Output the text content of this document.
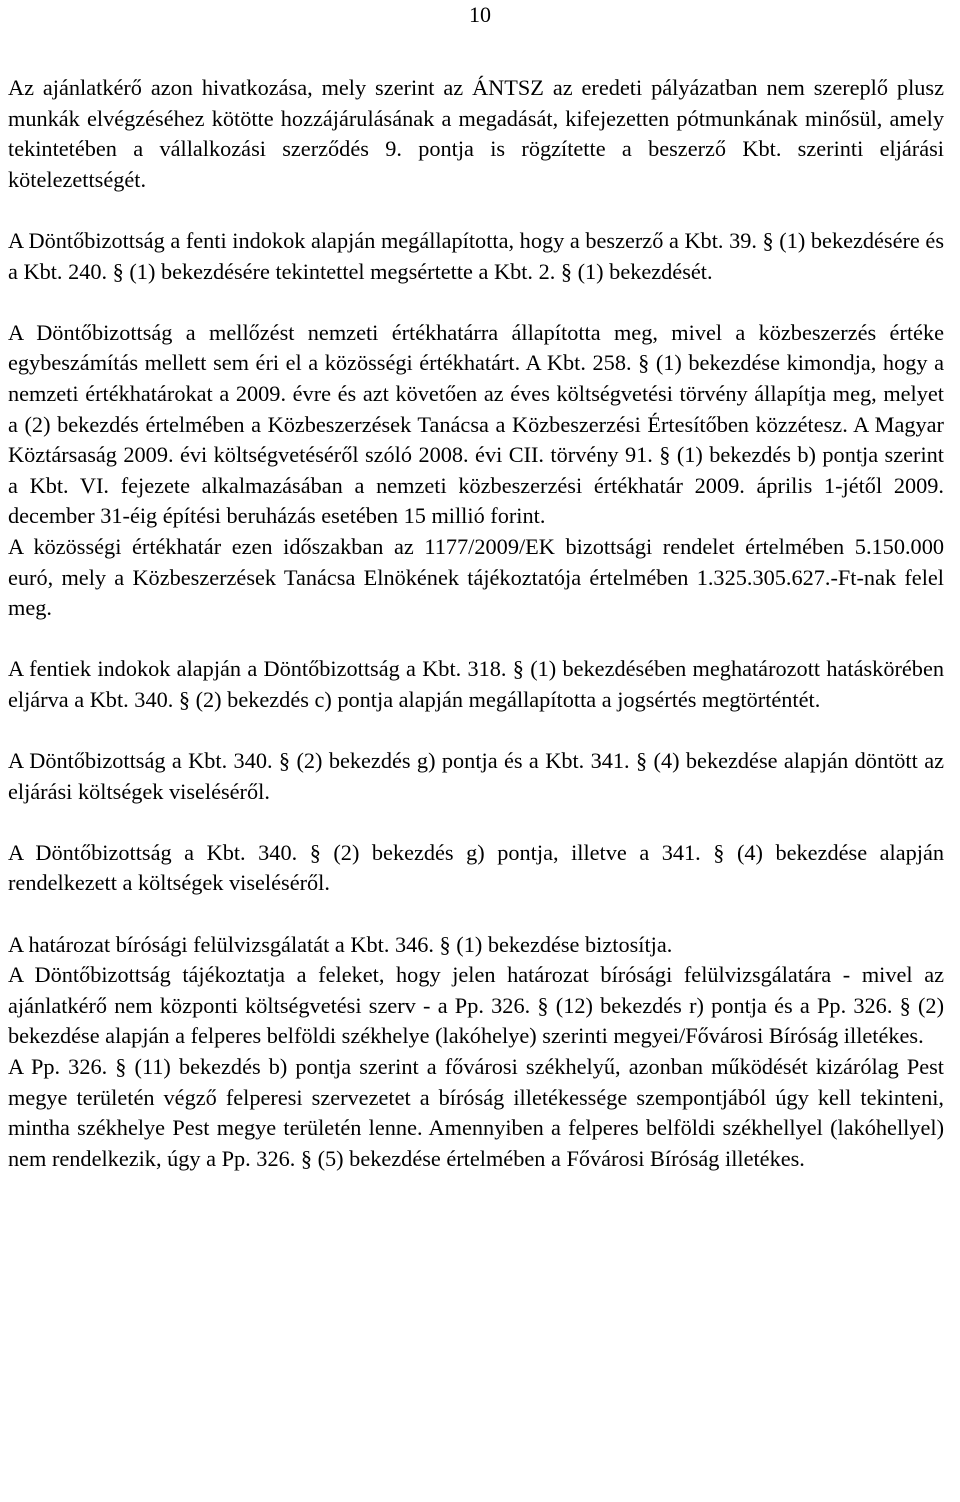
10

Az ajánlatkérő azon hivatkozása, mely szerint az ÁNTSZ az eredeti pályázatban nem szereplő plusz munkák elvégzéséhez kötötte hozzájárulásának a megadását, kifejezetten pótmunkának minősül, amely tekintetében a vállalkozási szerződés 9. pontja is rögzítette a beszerző Kbt. szerinti eljárási kötelezettségét.

A Döntőbizottság a fenti indokok alapján megállapította, hogy a beszerző a Kbt. 39. § (1) bekezdésére és a Kbt. 240. § (1) bekezdésére tekintettel megsértette a Kbt. 2. § (1) bekezdését.

A Döntőbizottság a mellőzést nemzeti értékhatárra állapította meg, mivel a közbeszerzés értéke egybeszámítás mellett sem éri el a közösségi értékhatárt. A Kbt. 258. § (1) bekezdése kimondja, hogy a nemzeti értékhatárokat a 2009. évre és azt követően az éves költségvetési törvény állapítja meg, melyet a (2) bekezdés értelmében a Közbeszerzések Tanácsa a Közbeszerzési Értesítőben közzétesz. A Magyar Köztársaság 2009. évi költségvetéséről szóló 2008. évi CII. törvény 91. § (1) bekezdés b) pontja szerint a Kbt. VI. fejezete alkalmazásában a nemzeti közbeszerzési értékhatár 2009. április 1-jétől 2009. december 31-éig építési beruházás esetében 15 millió forint.

A közösségi értékhatár ezen időszakban az 1177/2009/EK bizottsági rendelet értelmében 5.150.000 euró, mely a Közbeszerzések Tanácsa Elnökének tájékoztatója értelmében 1.325.305.627.-Ft-nak felel meg.

A fentiek indokok alapján a Döntőbizottság a Kbt. 318. § (1) bekezdésében meghatározott hatáskörében eljárva a Kbt. 340. § (2) bekezdés c) pontja alapján megállapította a jogsértés megtörténtét.

A Döntőbizottság a Kbt. 340. § (2) bekezdés g) pontja és a Kbt. 341. § (4) bekezdése alapján döntött az eljárási költségek viseléséről.

A Döntőbizottság a Kbt. 340. § (2) bekezdés g) pontja, illetve a 341. § (4) bekezdése alapján rendelkezett a költségek viseléséről.

A határozat bírósági felülvizsgálatát a Kbt. 346. § (1) bekezdése biztosítja.

A Döntőbizottság tájékoztatja a feleket, hogy jelen határozat bírósági felülvizsgálatára - mivel az ajánlatkérő nem központi költségvetési szerv - a Pp. 326. § (12) bekezdés r) pontja és a Pp. 326. § (2) bekezdése alapján a felperes belföldi székhelye (lakóhelye) szerinti megyei/Fővárosi Bíróság illetékes.

A Pp. 326. § (11) bekezdés b) pontja szerint a fővárosi székhelyű, azonban működését kizárólag Pest megye területén végző felperesi szervezetet a bíróság illetékessége szempontjából úgy kell tekinteni, mintha székhelye Pest megye területén lenne. Amennyiben a felperes belföldi székhellyel (lakóhellyel) nem rendelkezik, úgy a Pp. 326. § (5) bekezdése értelmében a Fővárosi Bíróság illetékes.
